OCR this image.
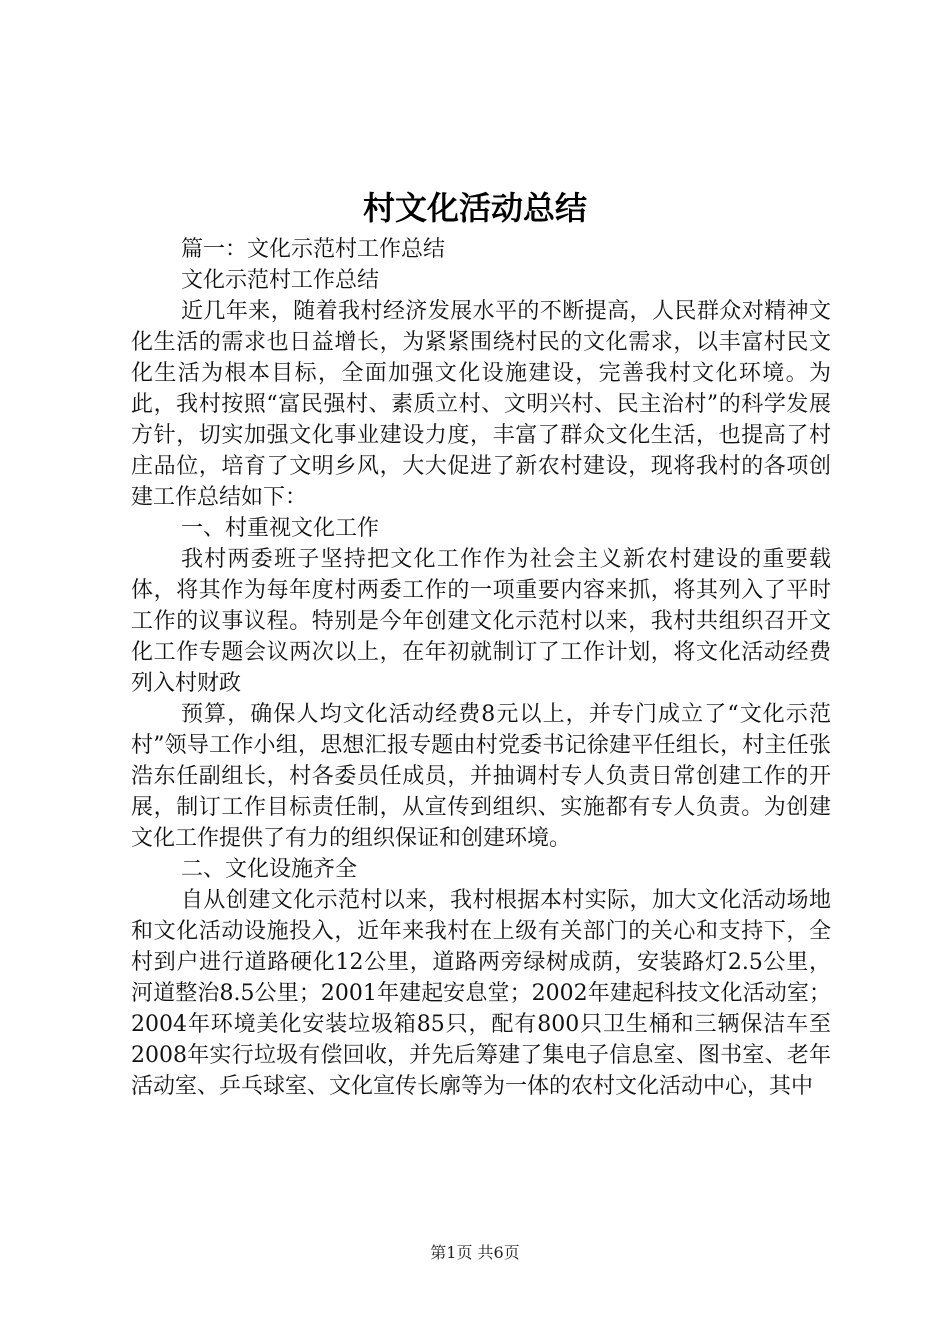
村文化活动总结

篇一：文化示范村工作总结

文化示范村工作总结

近几年来，随着我村经济发展水平的不断提高，人民群众对精神文化生活的需求也日益增长，为紧紧围绕村民的文化需求，以丰富村民文化生活为根本目标，全面加强文化设施建设，完善我村文化环境。为此，我村按照“富民强村、素质立村、文明兴村、民主治村”的科学发展方针，切实加强文化事业建设力度，丰富了群众文化生活，也提高了村庄品位，培育了文明乡风，大大促进了新农村建设，现将我村的各项创建工作总结如下：

一、村重视文化工作

我村两委班子坚持把文化工作作为社会主义新农村建设的重要载体，将其作为每年度村两委工作的一项重要内容来抓，将其列入了平时工作的议事议程。特别是今年创建文化示范村以来，我村共组织召开文化工作专题会议两次以上，在年初就制订了工作计划，将文化活动经费列入村财政

预算，确保人均文化活动经费8元以上，并专门成立了“文化示范村”领导工作小组，思想汇报专题由村党委书记徐建平任组长，村主任张浩东任副组长，村各委员任成员，并抽调村专人负责日常创建工作的开展，制订工作目标责任制，从宣传到组织、实施都有专人负责。为创建文化工作提供了有力的组织保证和创建环境。

二、文化设施齐全

自从创建文化示范村以来，我村根据本村实际，加大文化活动场地和文化活动设施投入，近年来我村在上级有关部门的关心和支持下，全村到户进行道路硬化12公里，道路两旁绿树成荫，安装路灯2.5公里，河道整治8.5公里；2001年建起安息堂；2002年建起科技文化活动室；2004年环境美化安装垃圾箱85只，配有800只卫生桶和三辆保洁车至2008年实行垃圾有偿回收，并先后筹建了集电子信息室、图书室、老年活动室、乒乓球室、文化宣传长廓等为一体的农村文化活动中心，其中

第1页 共6页
